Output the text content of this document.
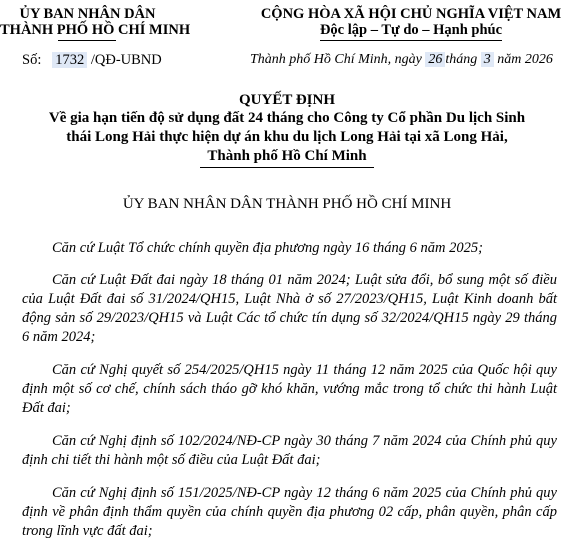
ỦY BAN NHÂN DÂN
THÀNH PHỐ HỒ CHÍ MINH
CỘNG HÒA XÃ HỘI CHỦ NGHĨA VIỆT NAM
Độc lập – Tự do – Hạnh phúc
Số: 1732 /QĐ-UBND	Thành phố Hồ Chí Minh, ngày 26 tháng 3 năm 2026
QUYẾT ĐỊNH
Về gia hạn tiến độ sử dụng đất 24 tháng cho Công ty Cổ phần Du lịch Sinh
thái Long Hải thực hiện dự án khu du lịch Long Hải tại xã Long Hải,
Thành phố Hồ Chí Minh
ỦY BAN NHÂN DÂN THÀNH PHỐ HỒ CHÍ MINH
Căn cứ Luật Tổ chức chính quyền địa phương ngày 16 tháng 6 năm 2025;
Căn cứ Luật Đất đai ngày 18 tháng 01 năm 2024; Luật sửa đổi, bổ sung một số điều của Luật Đất đai số 31/2024/QH15, Luật Nhà ở số 27/2023/QH15, Luật Kinh doanh bất động sản số 29/2023/QH15 và Luật Các tổ chức tín dụng số 32/2024/QH15 ngày 29 tháng 6 năm 2024;
Căn cứ Nghị quyết số 254/2025/QH15 ngày 11 tháng 12 năm 2025 của Quốc hội quy định một số cơ chế, chính sách tháo gỡ khó khăn, vướng mắc trong tổ chức thi hành Luật Đất đai;
Căn cứ Nghị định số 102/2024/NĐ-CP ngày 30 tháng 7 năm 2024 của Chính phủ quy định chi tiết thi hành một số điều của Luật Đất đai;
Căn cứ Nghị định số 151/2025/NĐ-CP ngày 12 tháng 6 năm 2025 của Chính phủ quy định về phân định thẩm quyền của chính quyền địa phương 02 cấp, phân quyền, phân cấp trong lĩnh vực đất đai;
